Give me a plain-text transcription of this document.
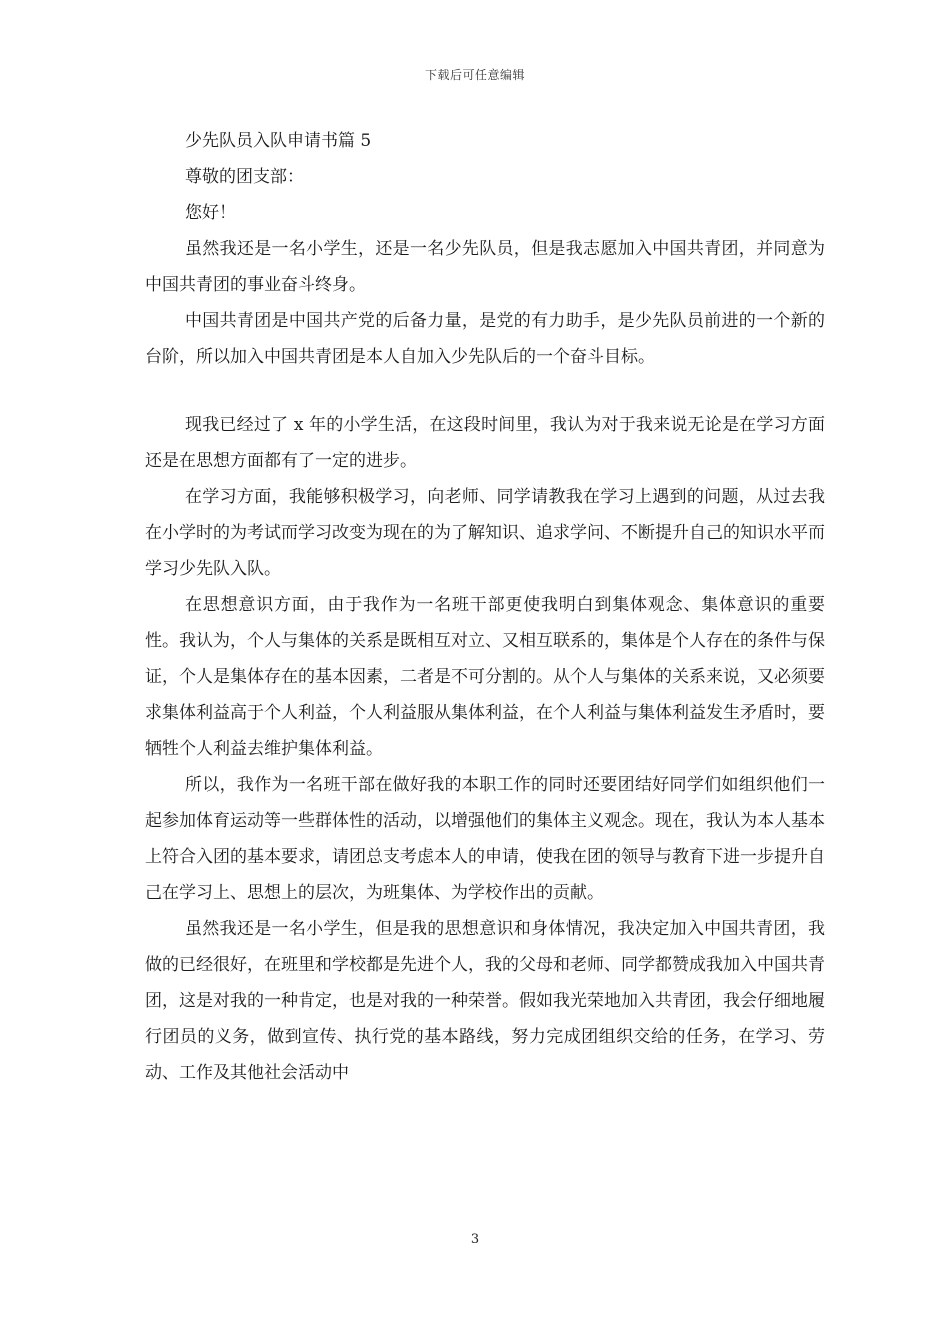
下载后可任意编辑

少先队员入队申请书篇 5

尊敬的团支部：

您好！

虽然我还是一名小学生，还是一名少先队员，但是我志愿加入中国共青团，并同意为中国共青团的事业奋斗终身。

中国共青团是中国共产党的后备力量，是党的有力助手，是少先队员前进的一个新的台阶，所以加入中国共青团是本人自加入少先队后的一个奋斗目标。

现我已经过了 x 年的小学生活，在这段时间里，我认为对于我来说无论是在学习方面还是在思想方面都有了一定的进步。

在学习方面，我能够积极学习，向老师、同学请教我在学习上遇到的问题，从过去我在小学时的为考试而学习改变为现在的为了解知识、追求学问、不断提升自己的知识水平而学习少先队入队。

在思想意识方面，由于我作为一名班干部更使我明白到集体观念、集体意识的重要性。我认为，个人与集体的关系是既相互对立、又相互联系的，集体是个人存在的条件与保证，个人是集体存在的基本因素，二者是不可分割的。从个人与集体的关系来说，又必须要求集体利益高于个人利益，个人利益服从集体利益，在个人利益与集体利益发生矛盾时，要牺牲个人利益去维护集体利益。

所以，我作为一名班干部在做好我的本职工作的同时还要团结好同学们如组织他们一起参加体育运动等一些群体性的活动，以增强他们的集体主义观念。现在，我认为本人基本上符合入团的基本要求，请团总支考虑本人的申请，使我在团的领导与教育下进一步提升自己在学习上、思想上的层次，为班集体、为学校作出的贡献。

虽然我还是一名小学生，但是我的思想意识和身体情况，我决定加入中国共青团，我做的已经很好，在班里和学校都是先进个人，我的父母和老师、同学都赞成我加入中国共青团，这是对我的一种肯定，也是对我的一种荣誉。假如我光荣地加入共青团，我会仔细地履行团员的义务，做到宣传、执行党的基本路线，努力完成团组织交给的任务，在学习、劳动、工作及其他社会活动中

3
